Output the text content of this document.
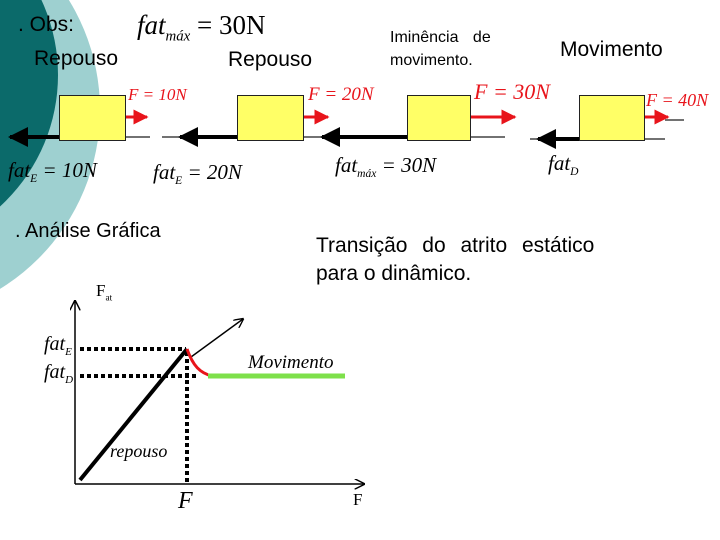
. Obs: fat$_{máx}$ = 30N
Repouso	Repouso
Iminência de
movimento.	Movimento
F = 10N	F = 20N	F = 30N	F = 40N
fat$_E$ = 10N	fat$_E$ = 20N	fat$_{máx}$ = 30N	fat$_D$
. Análise Gráfica
Transição do atrito estático
para o dinâmico.
$F_{at}$
F
F
fat$_E$
fat$_D$
repouso
Movimento
